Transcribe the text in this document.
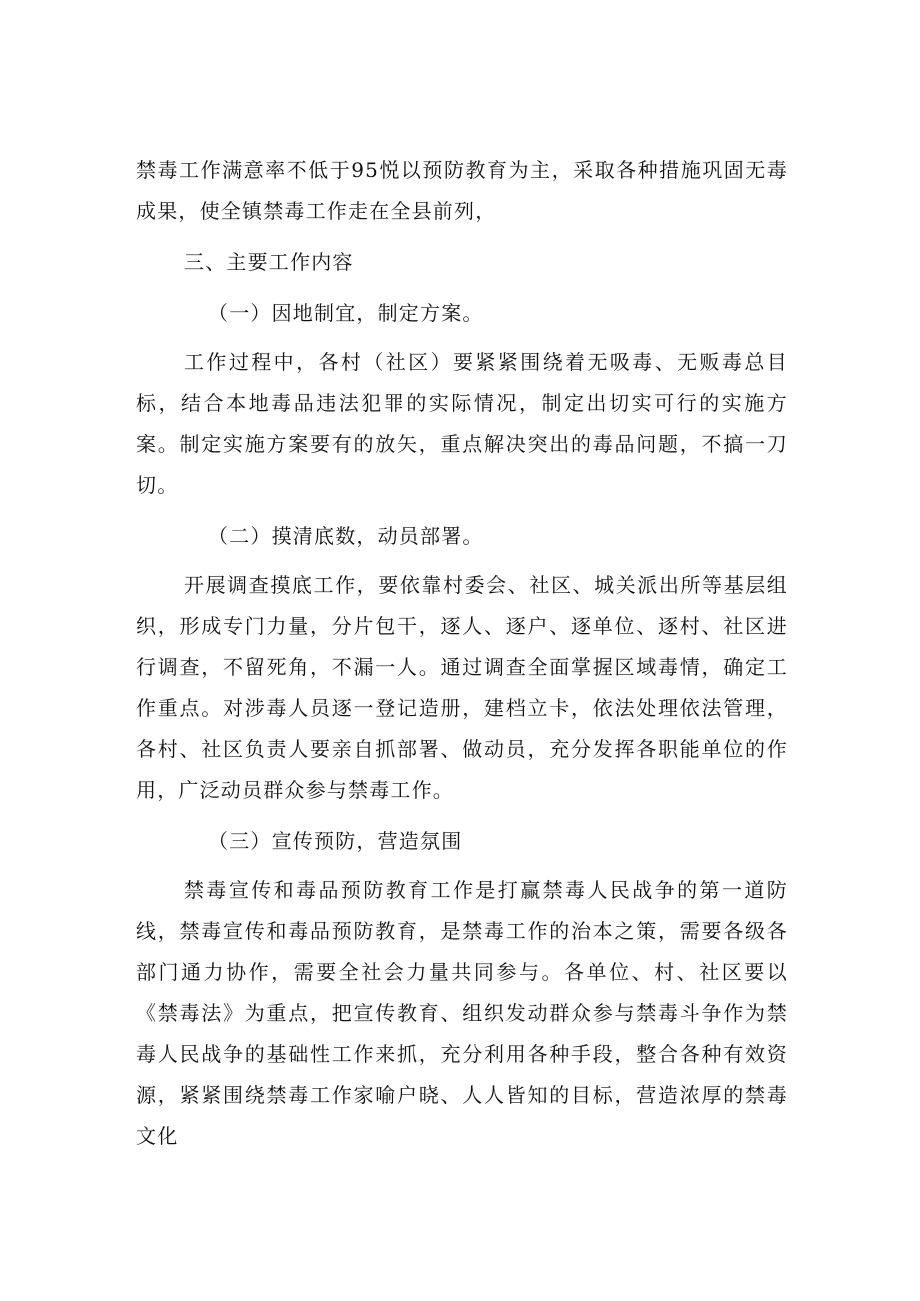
禁毒工作满意率不低于95悦以预防教育为主，采取各种措施巩固无毒成果，使全镇禁毒工作走在全县前列，

三、主要工作内容

（一）因地制宜，制定方案。

工作过程中，各村（社区）要紧紧围绕着无吸毒、无贩毒总目标，结合本地毒品违法犯罪的实际情况，制定出切实可行的实施方案。制定实施方案要有的放矢，重点解决突出的毒品问题，不搞一刀切。

（二）摸清底数，动员部署。

开展调查摸底工作，要依靠村委会、社区、城关派出所等基层组织，形成专门力量，分片包干，逐人、逐户、逐单位、逐村、社区进行调查，不留死角，不漏一人。通过调查全面掌握区域毒情，确定工作重点。对涉毒人员逐一登记造册，建档立卡，依法处理依法管理，各村、社区负责人要亲自抓部署、做动员，充分发挥各职能单位的作用，广泛动员群众参与禁毒工作。

（三）宣传预防，营造氛围

禁毒宣传和毒品预防教育工作是打赢禁毒人民战争的第一道防线，禁毒宣传和毒品预防教育，是禁毒工作的治本之策，需要各级各部门通力协作，需要全社会力量共同参与。各单位、村、社区要以《禁毒法》为重点，把宣传教育、组织发动群众参与禁毒斗争作为禁毒人民战争的基础性工作来抓，充分利用各种手段，整合各种有效资源，紧紧围绕禁毒工作家喻户晓、人人皆知的目标，营造浓厚的禁毒文化
